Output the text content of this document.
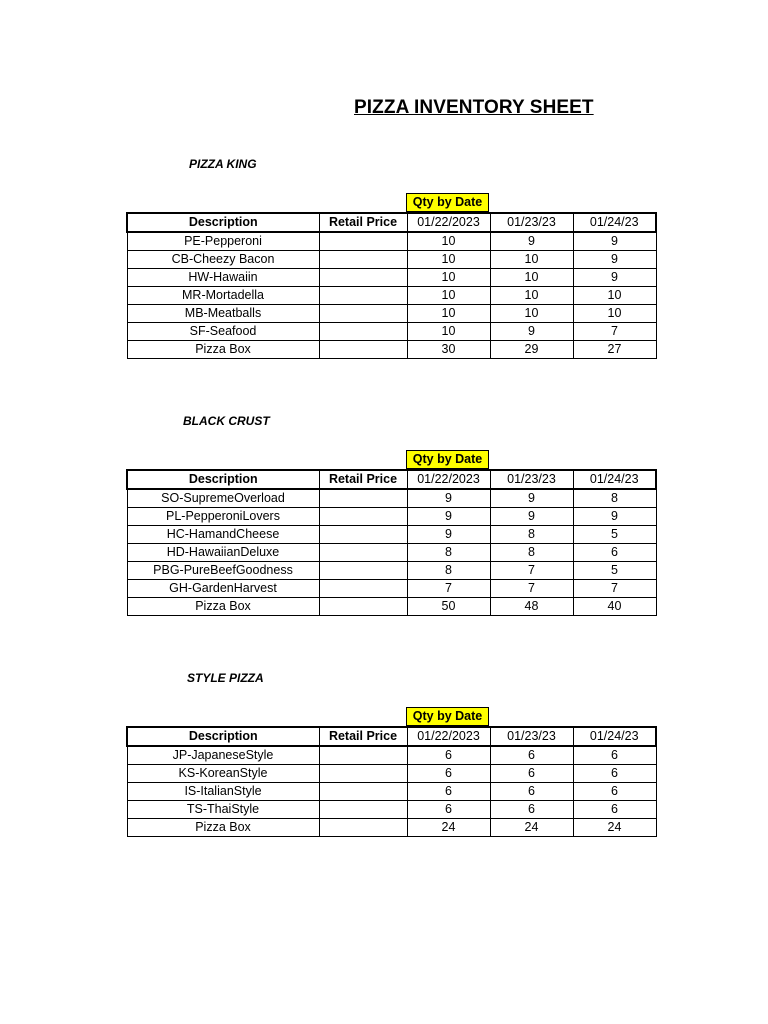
PIZZA INVENTORY SHEET
PIZZA KING
Qty by Date
Description	Retail Price	01/22/2023	01/23/23	01/24/23
PE-Pepperoni		10	9	9
CB-Cheezy Bacon		10	10	9
HW-Hawaiin		10	10	9
MR-Mortadella		10	10	10
MB-Meatballs		10	10	10
SF-Seafood		10	9	7
Pizza Box		30	29	27
BLACK CRUST
Qty by Date
Description	Retail Price	01/22/2023	01/23/23	01/24/23
SO-SupremeOverload		9	9	8
PL-PepperoniLovers		9	9	9
HC-HamandCheese		9	8	5
HD-HawaiianDeluxe		8	8	6
PBG-PureBeefGoodness		8	7	5
GH-GardenHarvest		7	7	7
Pizza Box		50	48	40
STYLE PIZZA
Qty by Date
Description	Retail Price	01/22/2023	01/23/23	01/24/23
JP-JapaneseStyle		6	6	6
KS-KoreanStyle		6	6	6
IS-ItalianStyle		6	6	6
TS-ThaiStyle		6	6	6
Pizza Box		24	24	24
